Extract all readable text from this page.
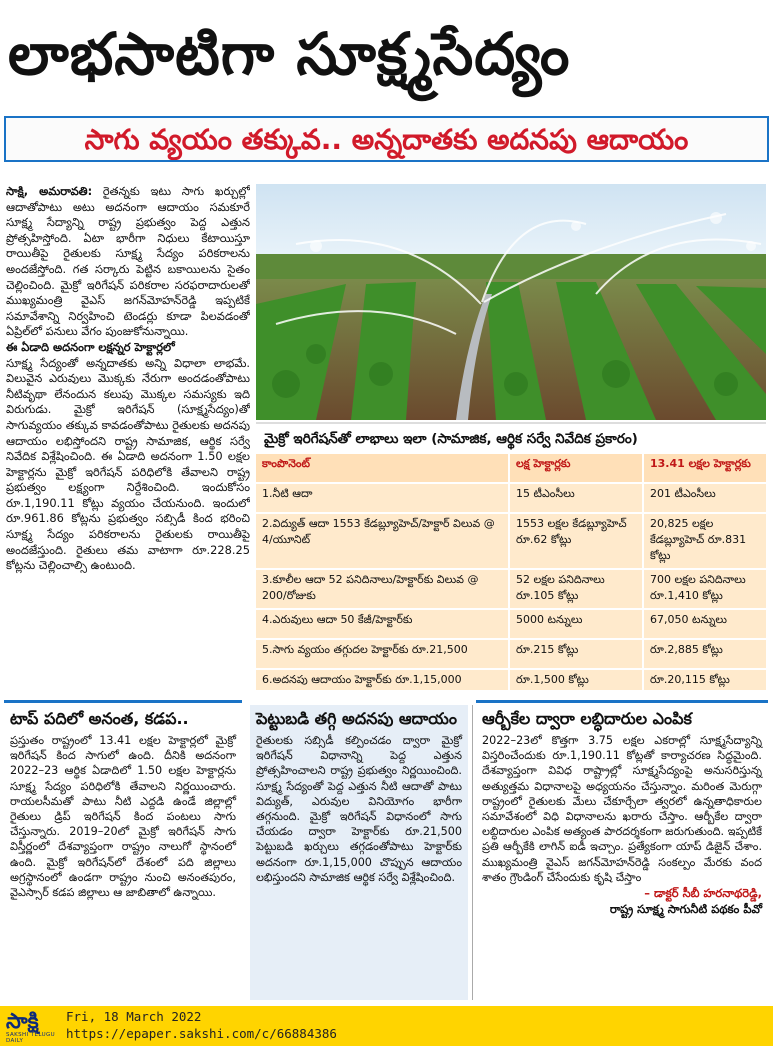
లాభసాటిగా సూక్ష్మసేద్యం
సాగు వ్యయం తక్కువ.. అన్నదాతకు అదనపు ఆదాయం
సాక్షి, అమరావతి: రైతన్నకు ఇటు సాగు ఖర్చుల్లో ఆదాతోపాటు అటు అదనంగా ఆదాయం సమకూరే సూక్ష్మ సేద్యాన్ని రాష్ట్ర ప్రభుత్వం పెద్ద ఎత్తున ప్రోత్సహిస్తోంది. ఏటా భారీగా నిధులు కేటాయిస్తూ రాయితీపై రైతులకు సూక్ష్మ సేద్యం పరికరాలను అందజేస్తోంది. గత సర్కారు పెట్టిన బకాయిలను సైతం చెల్లించింది. మైక్రో ఇరిగేషన్ పరికరాల సరఫరాదారులతో ముఖ్యమంత్రి వైఎస్ జగన్‌మోహన్‌రెడ్డి ఇప్పటికే సమావేశాన్ని నిర్వహించి టెండర్లు కూడా పిలవడంతో ఏప్రిల్‌లో పనులు వేగం పుంజుకోనున్నాయి.
ఈ ఏడాది అదనంగా లక్షన్నర హెక్టార్లలో
సూక్ష్మ సేద్యంతో అన్నదాతకు అన్ని విధాలా లాభమే. విలువైన ఎరువులు మొక్కకు నేరుగా అందడంతోపాటు నీటివృథా లేనందున కలుపు మొక్కల సమస్యకు ఇది విరుగుడు. మైక్రో ఇరిగేషన్ (సూక్ష్మసేద్యం)తో సాగువ్యయం తక్కువ కావడంతోపాటు రైతులకు అదనపు ఆదాయం లభిస్తోందని రాష్ట్ర సామాజిక, ఆర్థిక సర్వే నివేదిక విశ్లేషించింది. ఈ ఏడాది అదనంగా 1.50 లక్షల హెక్టార్లను మైక్రో ఇరిగేషన్ పరిధిలోకి తేవాలని రాష్ట్ర ప్రభుత్వం లక్ష్యంగా నిర్దేశించింది. ఇందుకోసం రూ.1,190.11 కోట్లు వ్యయం చేయనుంది. ఇందులో రూ.961.86 కోట్లను ప్రభుత్వం సబ్సిడీ కింద భరించి సూక్ష్మ సేద్యం పరికరాలను రైతులకు రాయితీపై అందజేస్తుంది. రైతులు తమ వాటాగా రూ.228.25 కోట్లను చెల్లించాల్సి ఉంటుంది.
మైక్రో ఇరిగేషన్‌తో లాభాలు ఇలా (సామాజిక, ఆర్థిక సర్వే నివేదిక ప్రకారం)
కాంపొనెంట్	లక్ష హెక్టార్లకు	13.41 లక్షల హెక్టార్లకు
1.నీటి ఆదా	15 టీఎంసీలు	201 టీఎంసీలు
2.విద్యుత్ ఆదా 1553 కేడబ్ల్యూహెచ్/హెక్టార్ విలువ @ 4/యూనిట్	1553 లక్షల కేడబ్ల్యూహెచ్ రూ.62 కోట్లు	20,825 లక్షల కేడబ్ల్యూహెచ్ రూ.831 కోట్లు
3.కూలీల ఆదా 52 పనిదినాలు/హెక్టార్‌కు విలువ @ 200/రోజుకు	52 లక్షల పనిదినాలు రూ.105 కోట్లు	700 లక్షల పనిదినాలు రూ.1,410 కోట్లు
4.ఎరువులు ఆదా 50 కేజీ/హెక్టార్‌కు	5000 టన్నులు	67,050 టన్నులు
5.సాగు వ్యయం తగ్గుదల హెక్టార్‌కు రూ.21,500	రూ.215 కోట్లు	రూ.2,885 కోట్లు
6.అదనపు ఆదాయం హెక్టార్‌కు రూ.1,15,000	రూ.1,500 కోట్లు	రూ.20,115 కోట్లు
టాప్ పదిలో అనంత, కడప..
ప్రస్తుతం రాష్ట్రంలో 13.41 లక్షల హెక్టార్లలో మైక్రో ఇరిగేషన్ కింద సాగులో ఉంది. దీనికి అదనంగా 2022–23 ఆర్థిక ఏడాదిలో 1.50 లక్షల హెక్టార్లను సూక్ష్మ సేద్యం పరిధిలోకి తేవాలని నిర్ణయించారు. రాయలసీమతో పాటు నీటి ఎద్దడి ఉండే జిల్లాల్లో రైతులు డ్రిప్ ఇరిగేషన్ కింద పంటలు సాగు చేస్తున్నారు. 2019–20లో మైక్రో ఇరిగేషన్ సాగు విస్తీర్ణంలో దేశవ్యాప్తంగా రాష్ట్రం నాలుగో స్థానంలో ఉంది. మైక్రో ఇరిగేషన్‌లో దేశంలో పది జిల్లాలు అగ్రస్థానంలో ఉండగా రాష్ట్రం నుంచి అనంతపురం, వైఎస్సార్ కడప జిల్లాలు ఆ జాబితాలో ఉన్నాయి.
పెట్టుబడి తగ్గి అదనపు ఆదాయం
రైతులకు సబ్సిడీ కల్పించడం ద్వారా మైక్రో ఇరిగేషన్ విధానాన్ని పెద్ద ఎత్తున ప్రోత్సహించాలని రాష్ట్ర ప్రభుత్వం నిర్ణయించింది. సూక్ష్మ సేద్యంతో పెద్ద ఎత్తున నీటి ఆదాతో పాటు విద్యుత్, ఎరువుల వినియోగం భారీగా తగ్గనుంది. మైక్రో ఇరిగేషన్ విధానంలో సాగు చేయడం ద్వారా హెక్టార్‌కు రూ.21,500 పెట్టుబడి ఖర్చులు తగ్గడంతోపాటు హెక్టార్‌కు అదనంగా రూ.1,15,000 చొప్పున ఆదాయం లభిస్తుందని సామాజిక ఆర్థిక సర్వే విశ్లేషించింది.
ఆర్బీకేల ద్వారా లబ్ధిదారుల ఎంపిక
2022–23లో కొత్తగా 3.75 లక్షల ఎకరాల్లో సూక్ష్మసేద్యాన్ని విస్తరించేందుకు రూ.1,190.11 కోట్లతో కార్యాచరణ సిద్ధమైంది. దేశవ్యాప్తంగా వివిధ రాష్ట్రాల్లో సూక్ష్మసేద్యంపై అనుసరిస్తున్న అత్యుత్తమ విధానాలపై అధ్యయనం చేస్తున్నాం. మరింత మెరుగ్గా రాష్ట్రంలో రైతులకు మేలు చేకూర్చేలా త్వరలో ఉన్నతాధికారుల సమావేశంలో విధి విధానాలను ఖరారు చేస్తాం. ఆర్బీకేల ద్వారా లబ్ధిదారుల ఎంపిక అత్యంత పారదర్శకంగా జరుగుతుంది. ఇప్పటికే ప్రతి ఆర్బీకేకి లాగిన్ ఐడీ ఇచ్చాం. ప్రత్యేకంగా యాప్ డిజైన్ చేశాం. ముఖ్యమంత్రి వైఎస్ జగన్‌మోహన్‌రెడ్డి సంకల్పం మేరకు వంద శాతం గ్రౌండింగ్ చేసేందుకు కృషి చేస్తాం
– డాక్టర్ సీబీ హరనాథరెడ్డి,
రాష్ట్ర సూక్ష్మ సాగునీటి పథకం పీవో
సాక్షి
SAKSHI TELUGU DAILY
Fri, 18 March 2022
https://epaper.sakshi.com/c/66884386
